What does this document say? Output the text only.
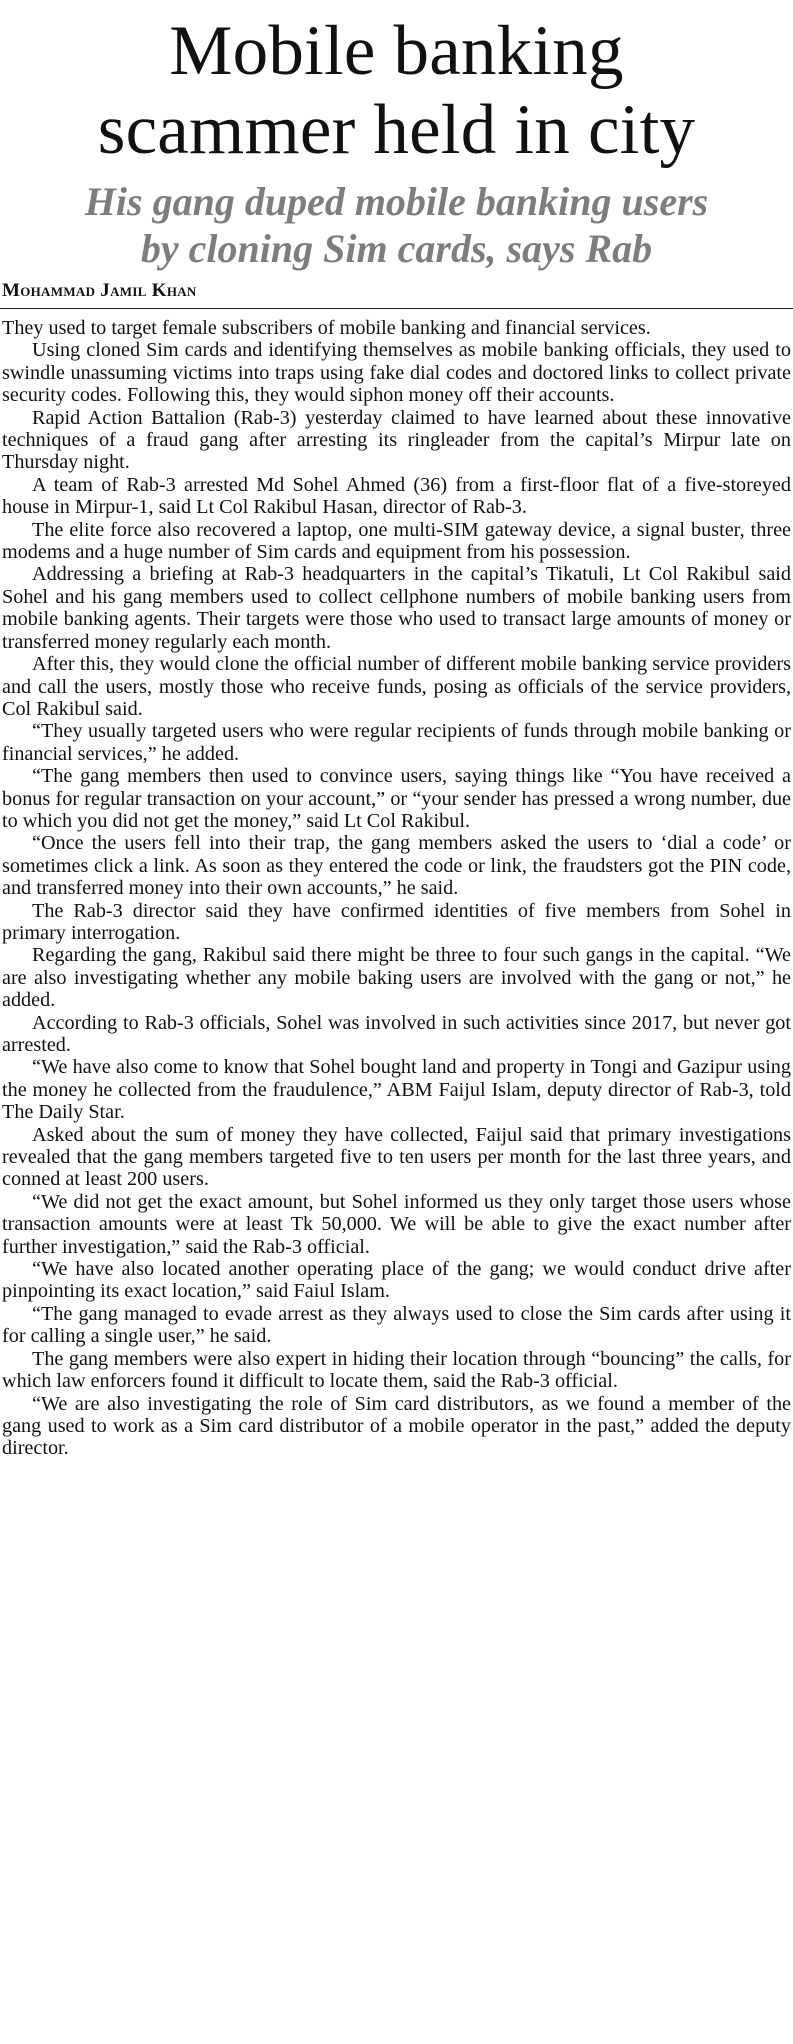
Mobile banking
scammer held in city
His gang duped mobile banking users
by cloning Sim cards, says Rab
Mohammad Jamil Khan

They used to target female subscribers of mobile banking and financial services.

Using cloned Sim cards and identifying themselves as mobile banking officials, they used to swindle unassuming victims into traps using fake dial codes and doctored links to collect private security codes. Following this, they would siphon money off their accounts.

Rapid Action Battalion (Rab-3) yesterday claimed to have learned about these innovative techniques of a fraud gang after arresting its ringleader from the capital’s Mirpur late on Thursday night.

A team of Rab-3 arrested Md Sohel Ahmed (36) from a first-floor flat of a five-storeyed house in Mirpur-1, said Lt Col Rakibul Hasan, director of Rab-3.

The elite force also recovered a laptop, one multi-SIM gateway device, a signal buster, three modems and a huge number of Sim cards and equipment from his possession.

Addressing a briefing at Rab-3 headquarters in the capital’s Tikatuli, Lt Col Rakibul said Sohel and his gang members used to collect cellphone numbers of mobile banking users from mobile banking agents. Their targets were those who used to transact large amounts of money or transferred money regularly each month.

After this, they would clone the official number of different mobile banking service providers and call the users, mostly those who receive funds, posing as officials of the service providers, Col Rakibul said.

“They usually targeted users who were regular recipients of funds through mobile banking or financial services,” he added.

“The gang members then used to convince users, saying things like “You have received a bonus for regular transaction on your account,” or “your sender has pressed a wrong number, due to which you did not get the money,” said Lt Col Rakibul.

“Once the users fell into their trap, the gang members asked the users to ‘dial a code’ or sometimes click a link. As soon as they entered the code or link, the fraudsters got the PIN code, and transferred money into their own accounts,” he said.

The Rab-3 director said they have confirmed identities of five members from Sohel in primary interrogation.

Regarding the gang, Rakibul said there might be three to four such gangs in the capital. “We are also investigating whether any mobile baking users are involved with the gang or not,” he added.

According to Rab-3 officials, Sohel was involved in such activities since 2017, but never got arrested.

“We have also come to know that Sohel bought land and property in Tongi and Gazipur using the money he collected from the fraudulence,” ABM Faijul Islam, deputy director of Rab-3, told The Daily Star.

Asked about the sum of money they have collected, Faijul said that primary investigations revealed that the gang members targeted five to ten users per month for the last three years, and conned at least 200 users.

“We did not get the exact amount, but Sohel informed us they only target those users whose transaction amounts were at least Tk 50,000. We will be able to give the exact number after further investigation,” said the Rab-3 official.

“We have also located another operating place of the gang; we would conduct drive after pinpointing its exact location,” said Faiul Islam.

“The gang managed to evade arrest as they always used to close the Sim cards after using it for calling a single user,” he said.

The gang members were also expert in hiding their location through “bouncing” the calls, for which law enforcers found it difficult to locate them, said the Rab-3 official.

“We are also investigating the role of Sim card distributors, as we found a member of the gang used to work as a Sim card distributor of a mobile operator in the past,” added the deputy director.
